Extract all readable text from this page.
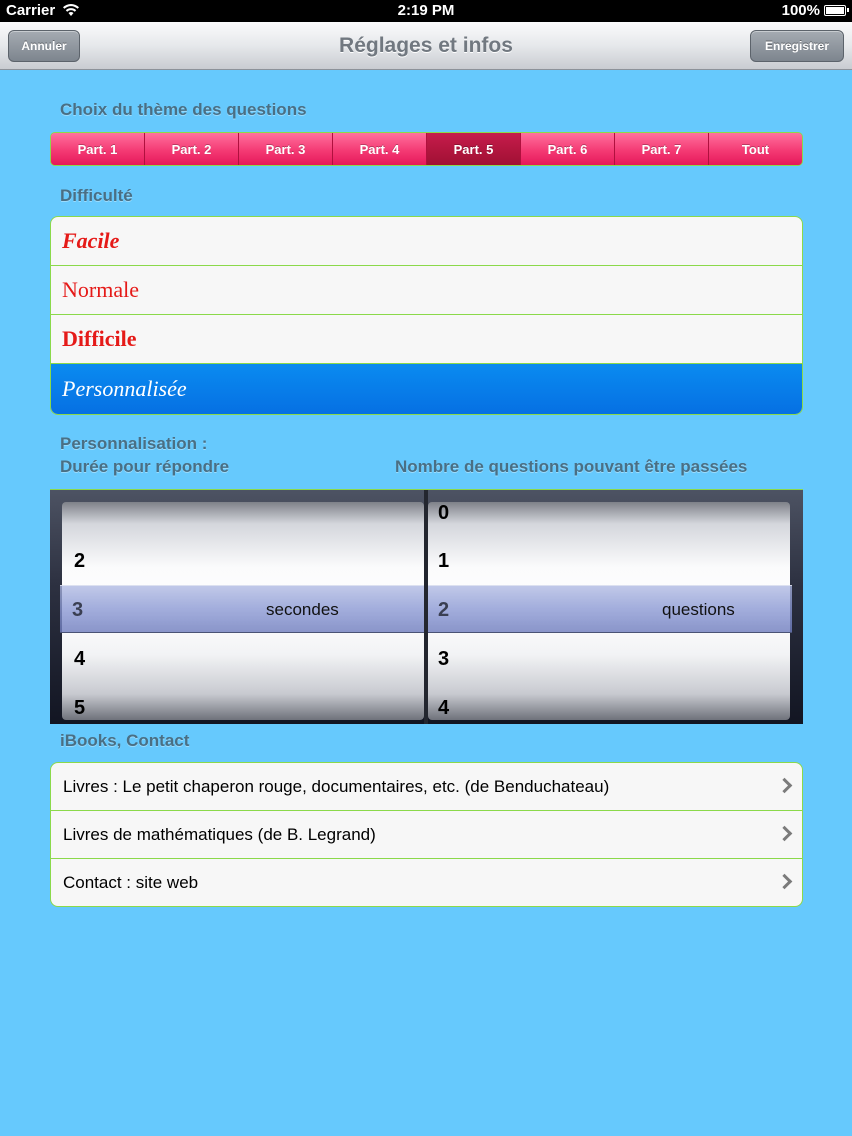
Carrier	2:19 PM	100%
Annuler	Réglages et infos	Enregistrer
Choix du thème des questions
Part. 1	Part. 2	Part. 3	Part. 4	Part. 5	Part. 6	Part. 7	Tout
Difficulté
Facile
Normale
Difficile
Personnalisée
Personnalisation :
Durée pour répondre	Nombre de questions pouvant être passées
2
4
5
0
1
3
4
3	secondes	2	questions
iBooks, Contact
Livres : Le petit chaperon rouge, documentaires, etc. (de Benduchateau)
Livres de mathématiques (de B. Legrand)
Contact : site web
